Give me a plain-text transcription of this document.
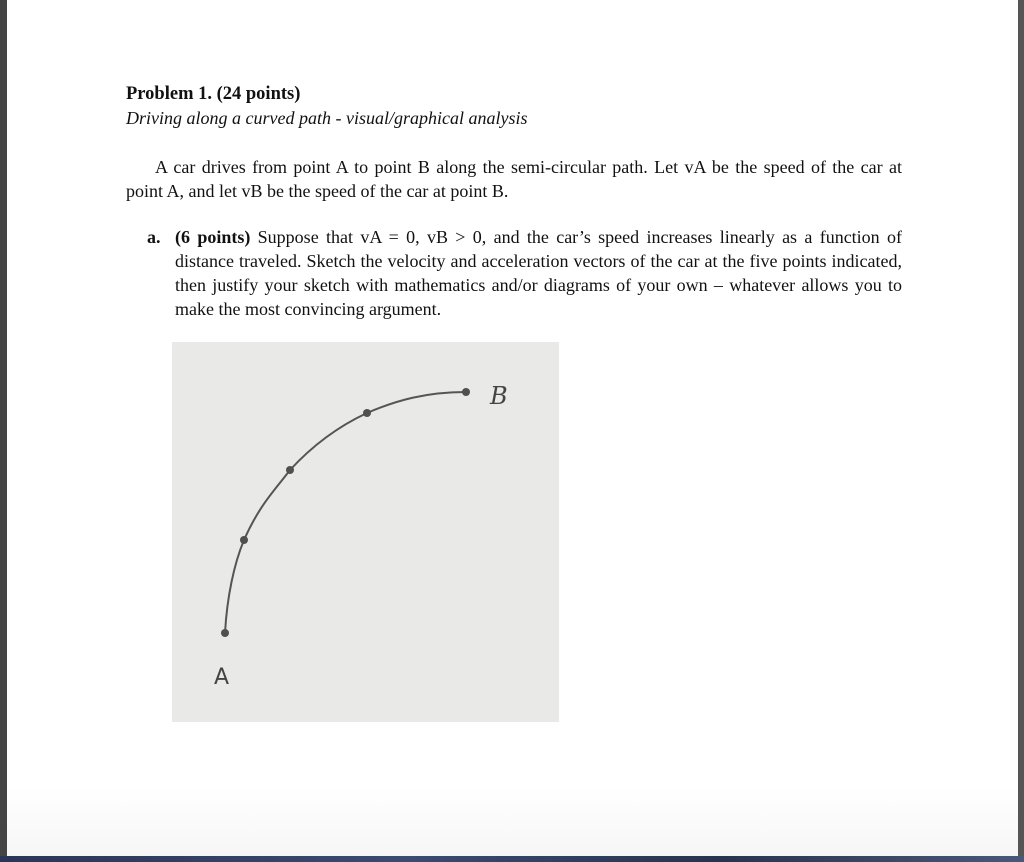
Problem 1. (24 points)
Driving along a curved path - visual/graphical analysis
A car drives from point A to point B along the semi-circular path. Let vA be the speed of the car at point A, and let vB be the speed of the car at point B.
a. (6 points) Suppose that vA = 0, vB > 0, and the car’s speed increases linearly as a function of distance traveled. Sketch the velocity and acceleration vectors of the car at the five points indicated, then justify your sketch with mathematics and/or diagrams of your own – whatever allows you to make the most convincing argument.
A
B
